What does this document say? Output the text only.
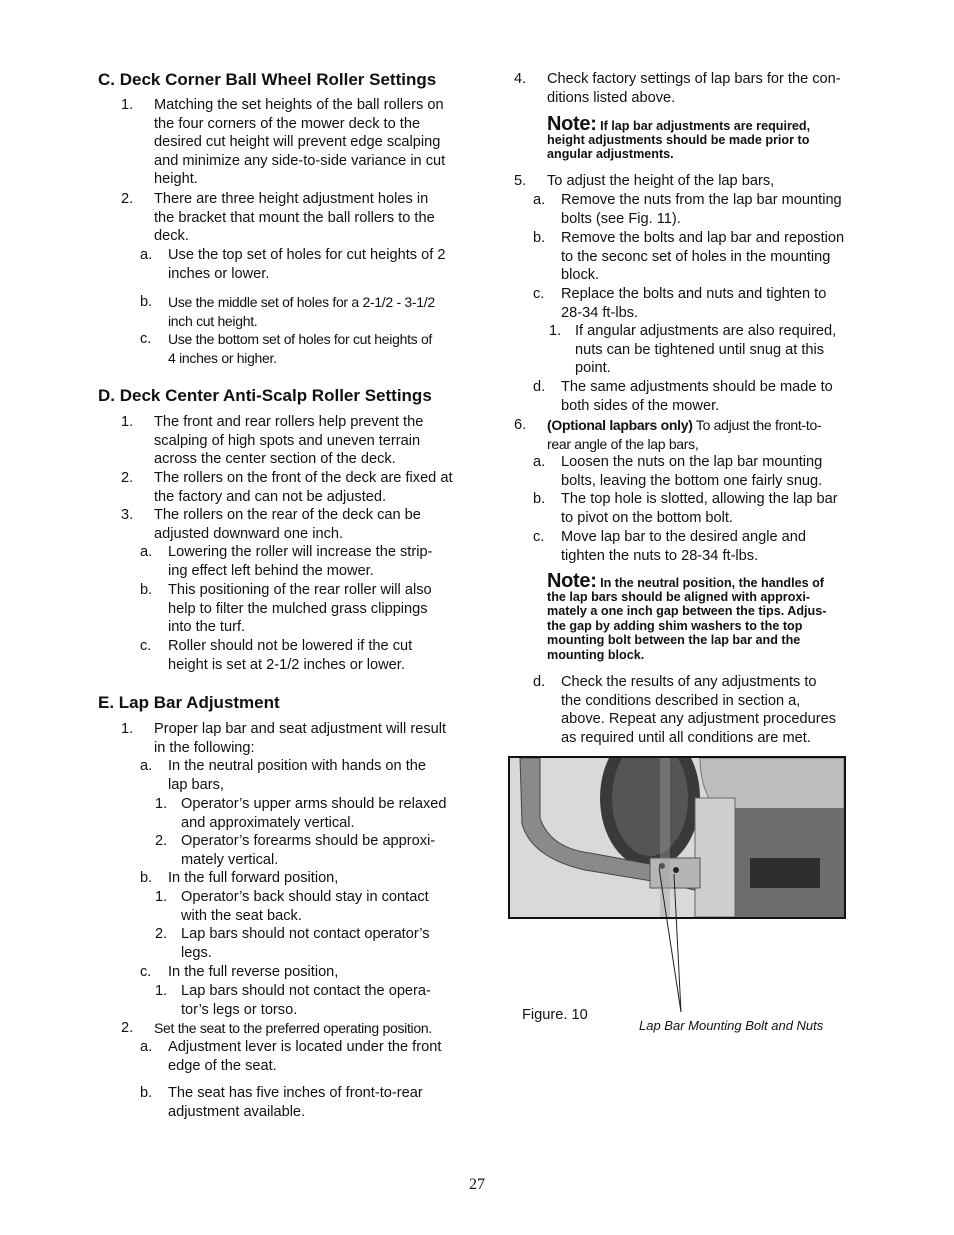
C. Deck Corner Ball Wheel Roller Settings
1. Matching the set heights of the ball rollers on
the four corners of the mower deck to the
desired cut height will prevent edge scalping
and minimize any side-to-side variance in cut
height.
2. There are three height adjustment holes in
the bracket that mount the ball rollers to the
deck.
a. Use the top set of holes for cut heights of 2
inches or lower.
b. Use the middle set of holes for a 2-1/2 - 3-1/2
inch cut height.
c. Use the bottom set of holes for cut heights of
4 inches or higher.
D. Deck Center Anti-Scalp Roller Settings
1. The front and rear rollers help prevent the
scalping of high spots and uneven terrain
across the center section of the deck.
2. The rollers on the front of the deck are fixed at
the factory and can not be adjusted.
3. The rollers on the rear of the deck can be
adjusted downward one inch.
a. Lowering the roller will increase the strip-
ing effect left behind the mower.
b. This positioning of the rear roller will also
help to filter the mulched grass clippings
into the turf.
c. Roller should not be lowered if the cut
height is set at 2-1/2 inches or lower.
E. Lap Bar Adjustment
1. Proper lap bar and seat adjustment will result
in the following:
a. In the neutral position with hands on the
lap bars,
1. Operator’s upper arms should be relaxed
and approximately vertical.
2. Operator’s forearms should be approxi-
mately vertical.
b. In the full forward position,
1. Operator’s back should stay in contact
with the seat back.
2. Lap bars should not contact operator’s
legs.
c. In the full reverse position,
1. Lap bars should not contact the opera-
tor’s legs or torso.
2. Set the seat to the preferred operating position.
a. Adjustment lever is located under the front
edge of the seat.
b. The seat has five inches of front-to-rear
adjustment available.
4. Check factory settings of lap bars for the con-
ditions listed above.
Note: If lap bar adjustments are required,
height adjustments should be made prior to
angular adjustments.
5. To adjust the height of the lap bars,
a. Remove the nuts from the lap bar mounting
bolts (see Fig. 11).
b. Remove the bolts and lap bar and repostion
to the seconc set of holes in the mounting
block.
c. Replace the bolts and nuts and tighten to
28-34 ft-lbs.
1. If angular adjustments are also required,
nuts can be tightened until snug at this
point.
d. The same adjustments should be made to
both sides of the mower.
6. (Optional lapbars only) To adjust the front-to-
rear angle of the lap bars,
a. Loosen the nuts on the lap bar mounting
bolts, leaving the bottom one fairly snug.
b. The top hole is slotted, allowing the lap bar
to pivot on the bottom bolt.
c. Move lap bar to the desired angle and
tighten the nuts to 28-34 ft-lbs.
Note: In the neutral position, the handles of
the lap bars should be aligned with approxi-
mately a one inch gap between the tips. Adjus-
the gap by adding shim washers to the top
mounting bolt between the lap bar and the
mounting block.
d. Check the results of any adjustments to
the conditions described in section a,
above. Repeat any adjustment procedures
as required until all conditions are met.
Figure. 10
Lap Bar Mounting Bolt and Nuts
27
